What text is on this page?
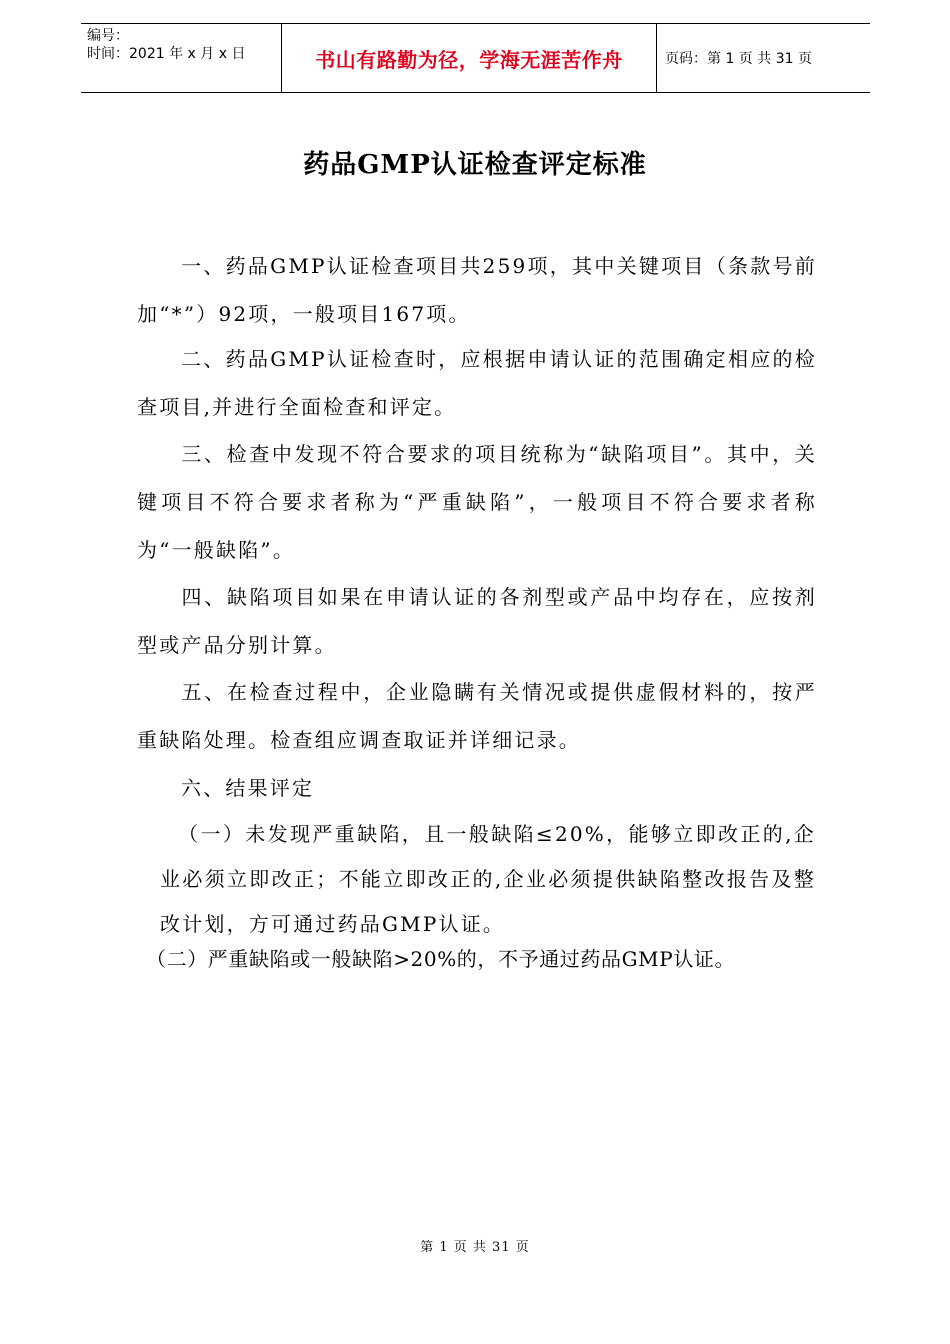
编号：
时间：2021 年 x 月 x 日	书山有路勤为径，学海无涯苦作舟	页码：第 1 页 共 31 页
药品GMP认证检查评定标准

一、药品GMP认证检查项目共259项，其中关键项目（条款号前加“*”）92项，一般项目167项。

二、药品GMP认证检查时，应根据申请认证的范围确定相应的检查项目,并进行全面检查和评定。

三、检查中发现不符合要求的项目统称为“缺陷项目”。其中，关键项目不符合要求者称为“严重缺陷”，一般项目不符合要求者称为“一般缺陷”。

四、缺陷项目如果在申请认证的各剂型或产品中均存在，应按剂型或产品分别计算。

五、在检查过程中，企业隐瞒有关情况或提供虚假材料的，按严重缺陷处理。检查组应调查取证并详细记录。

六、结果评定

（一）未发现严重缺陷，且一般缺陷≤20%，能够立即改正的,企业必须立即改正；不能立即改正的,企业必须提供缺陷整改报告及整改计划，方可通过药品GMP认证。

（二）严重缺陷或一般缺陷>20%的，不予通过药品GMP认证。

第 1 页 共 31 页
